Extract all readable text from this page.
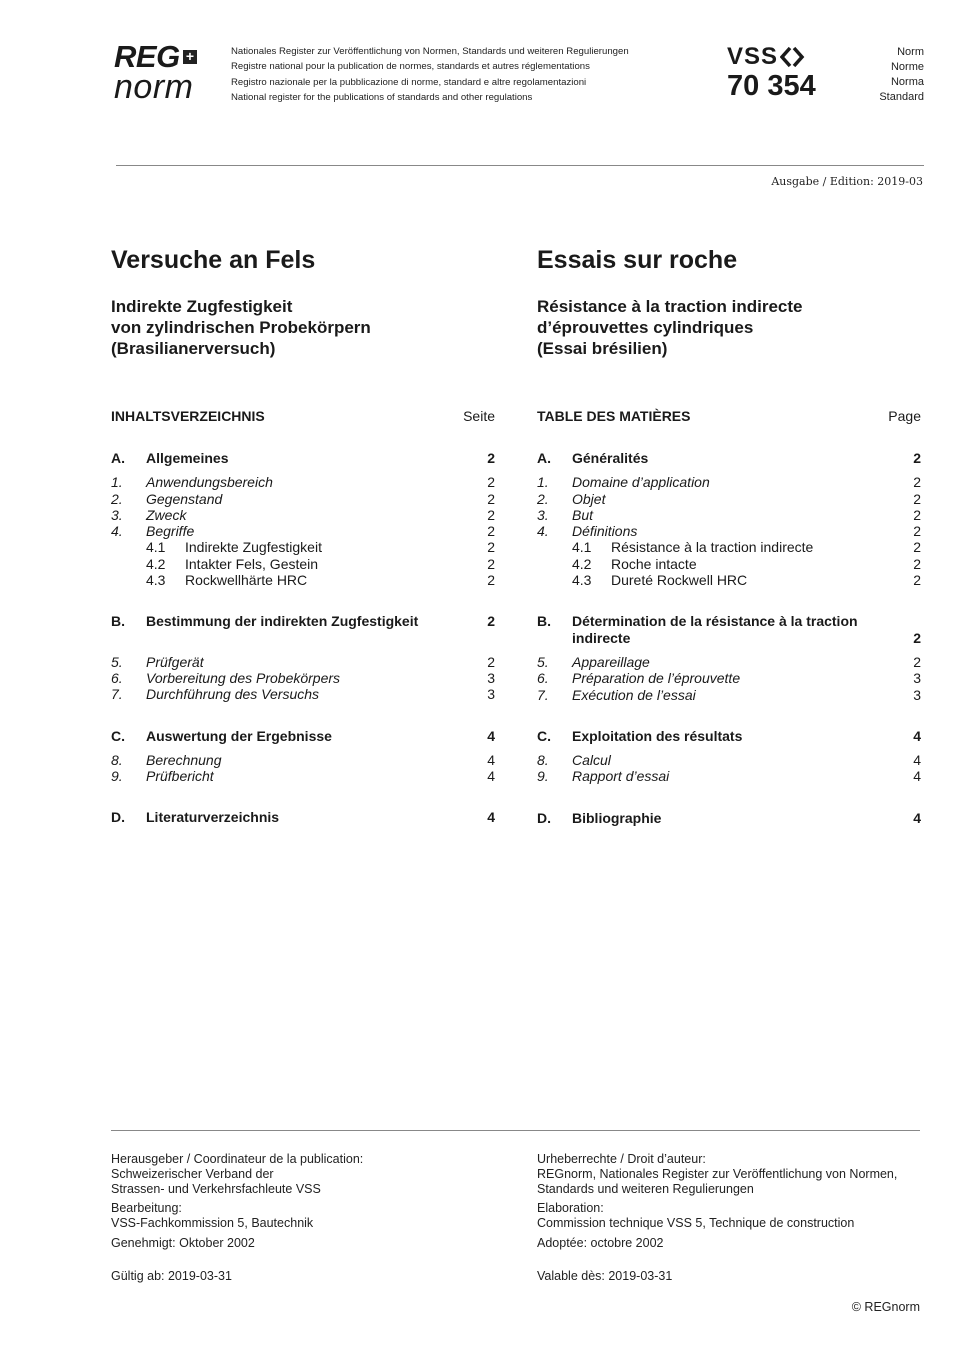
REG +
norm
Nationales Register zur Veröffentlichung von Normen, Standards und weiteren Regulierungen
Registre national pour la publication de normes, standards et autres réglementations
Registro nazionale per la pubblicazione di norme, standard e altre regolamentazioni
National register for the publications of standards and other regulations
VSS
70 354
Norm
Norme
Norma
Standard
Ausgabe / Edition: 2019-03
Versuche an Fels
Indirekte Zugfestigkeit
von zylindrischen Probekörpern
(Brasilianerversuch)
INHALTSVERZEICHNIS	Seite
A.	Allgemeines	2
1.	Anwendungsbereich	2
2.	Gegenstand	2
3.	Zweck	2
4.	Begriffe	2
4.1	Indirekte Zugfestigkeit	2
4.2	Intakter Fels, Gestein	2
4.3	Rockwellhärte HRC	2
B.	Bestimmung der indirekten Zugfestigkeit	2
5.	Prüfgerät	2
6.	Vorbereitung des Probekörpers	3
7.	Durchführung des Versuchs	3
C.	Auswertung der Ergebnisse	4
8.	Berechnung	4
9.	Prüfbericht	4
D.	Literaturverzeichnis	4
Essais sur roche
Résistance à la traction indirecte
d’éprouvettes cylindriques
(Essai brésilien)
TABLE DES MATIÈRES	Page
A.	Généralités	2
1.	Domaine d’application	2
2.	Objet	2
3.	But	2
4.	Définitions	2
4.1	Résistance à la traction indirecte	2
4.2	Roche intacte	2
4.3	Dureté Rockwell HRC	2
B.	Détermination de la résistance à la traction
indirecte	2
5.	Appareillage	2
6.	Préparation de l’éprouvette	3
7.	Exécution de l’essai	3
C.	Exploitation des résultats	4
8.	Calcul	4
9.	Rapport d’essai	4
D.	Bibliographie	4

Herausgeber / Coordinateur de la publication:

Schweizerischer Verband der

Strassen- und Verkehrsfachleute VSS

Bearbeitung:

VSS-Fachkommission 5, Bautechnik

Genehmigt: Oktober 2002

Gültig ab: 2019-03-31

Urheberrechte / Droit d’auteur:

REGnorm, Nationales Register zur Veröffentlichung von Normen,

Standards und weiteren Regulierungen

Elaboration:

Commission technique VSS 5, Technique de construction

Adoptée: octobre 2002

Valable dès: 2019-03-31

© REGnorm
